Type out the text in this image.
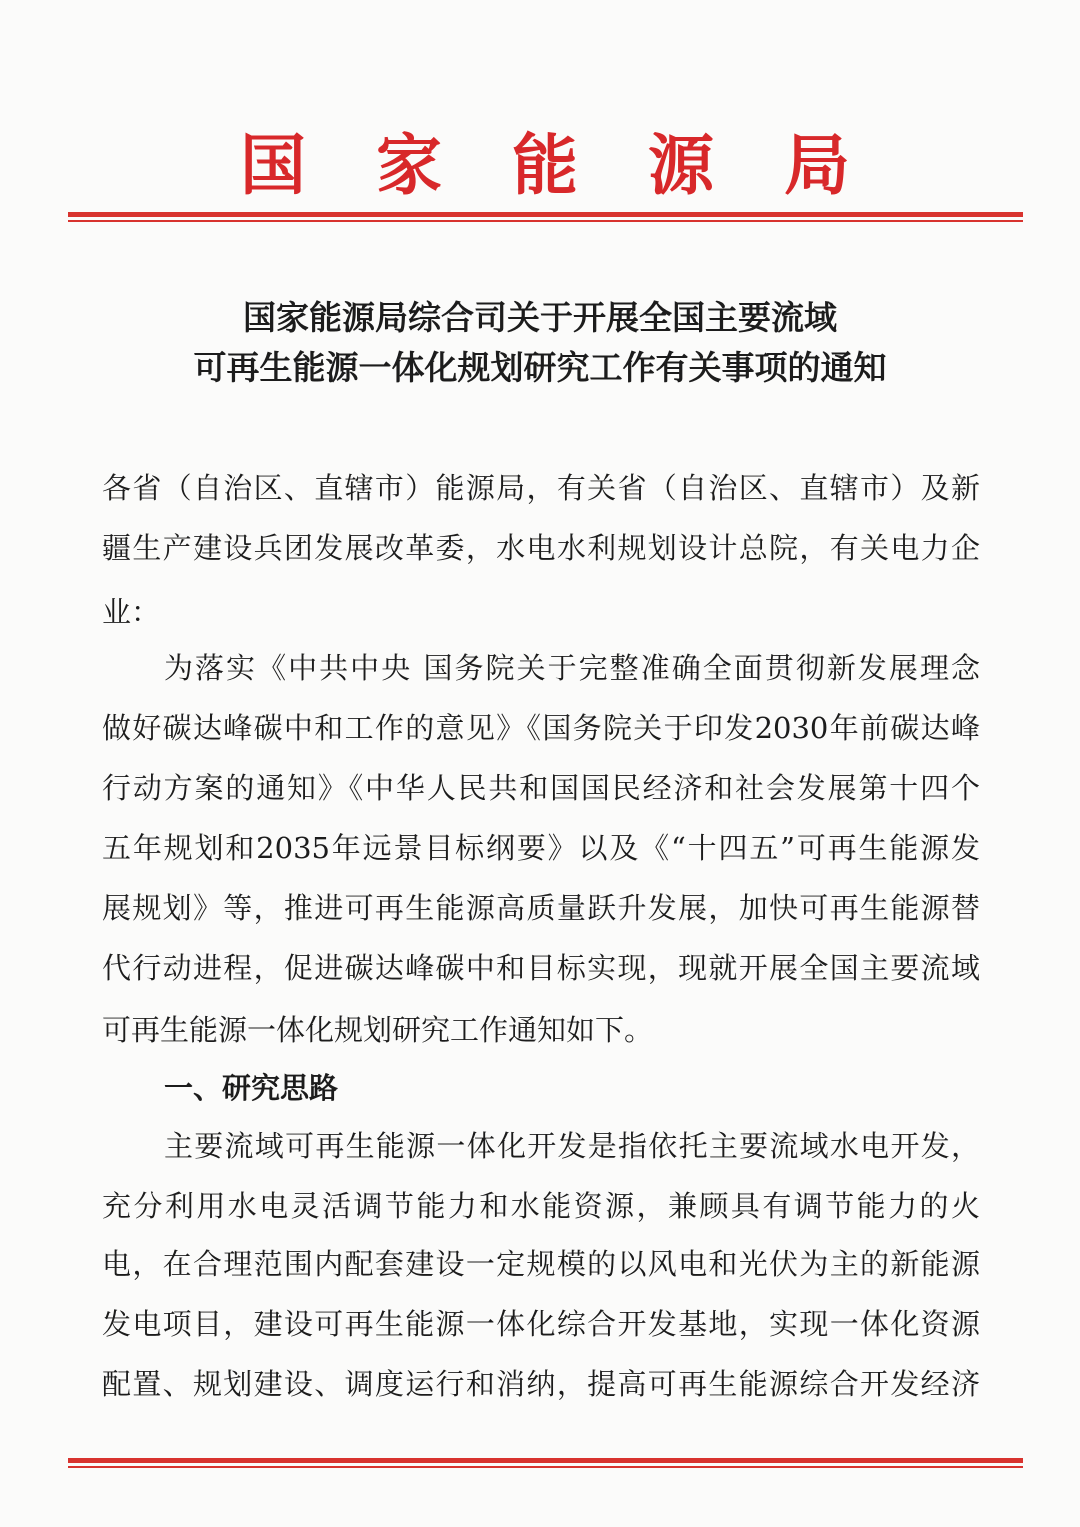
国家能源局
国家能源局综合司关于开展全国主要流域
可再生能源一体化规划研究工作有关事项的通知
各省（自治区、直辖市）能源局，有关省（自治区、直辖市）及新
疆生产建设兵团发展改革委，水电水利规划设计总院，有关电力企
业：
为落实《中共中央 国务院关于完整准确全面贯彻新发展理念
做好碳达峰碳中和工作的意见》《国务院关于印发2030年前碳达峰
行动方案的通知》《中华人民共和国国民经济和社会发展第十四个
五年规划和2035年远景目标纲要》以及《“十四五”可再生能源发
展规划》等，推进可再生能源高质量跃升发展，加快可再生能源替
代行动进程，促进碳达峰碳中和目标实现，现就开展全国主要流域
可再生能源一体化规划研究工作通知如下。
一、研究思路
主要流域可再生能源一体化开发是指依托主要流域水电开发，
充分利用水电灵活调节能力和水能资源，兼顾具有调节能力的火
电，在合理范围内配套建设一定规模的以风电和光伏为主的新能源
发电项目，建设可再生能源一体化综合开发基地，实现一体化资源
配置、规划建设、调度运行和消纳，提高可再生能源综合开发经济
